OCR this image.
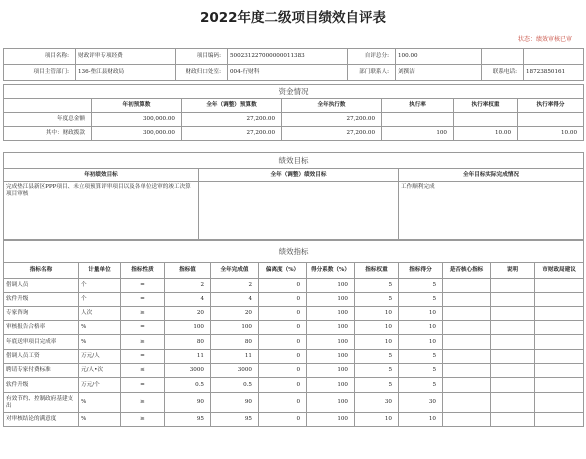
2022年度二级项目绩效自评表
状态：绩效审核已审
项目名称:	财政评审专项经费	项目编码:	500231227000000011383	自评总分:	100.00		
项目主管部门:	136-垫江县财政局	财政归口处室:	004-行财科	部门联系人:	刘撰洁	联系电话:	18723850161
资金情况						
	年初预算数	全年（调整）预算数	全年执行数	执行率	执行率权重	执行率得分
年度总金额	300,000.00	27,200.00	27,200.00			
其中：财政拨款	300,000.00	27,200.00	27,200.00	100	10.00	10.00
绩效目标		
年初绩效目标	全年（调整）绩效目标	全年目标实际完成情况
完成垫江县新区PPP项目、未立项预算评审项目以及各单位送审的竣工决算项目审核		工作顺利完成
绩效指标											
指标名称	计量单位	指标性质	指标值	全年完成值	偏离度（%）	得分系数（%）	指标权重	指标得分	是否核心指标	说明	市财政局建议
借调人员	个	=	2	2	0	100	5	5			
软件升级	个	=	4	4	0	100	5	5			
专家咨询	人次	≥	20	20	0	100	10	10			
审核报告合格率	%	=	100	100	0	100	10	10			
年底送审项目完成率	%	≥	80	80	0	100	10	10			
借调人员工资	万元/人	=	11	11	0	100	5	5			
聘请专家付费标准	元/人•次	≤	3000	3000	0	100	5	5			
软件升级	万元/个	=	0.5	0.5	0	100	5	5			
有效节约、控制政府基建支出	%	≥	90	90	0	100	30	30			
对审核结论的满意度	%	≥	95	95	0	100	10	10			
